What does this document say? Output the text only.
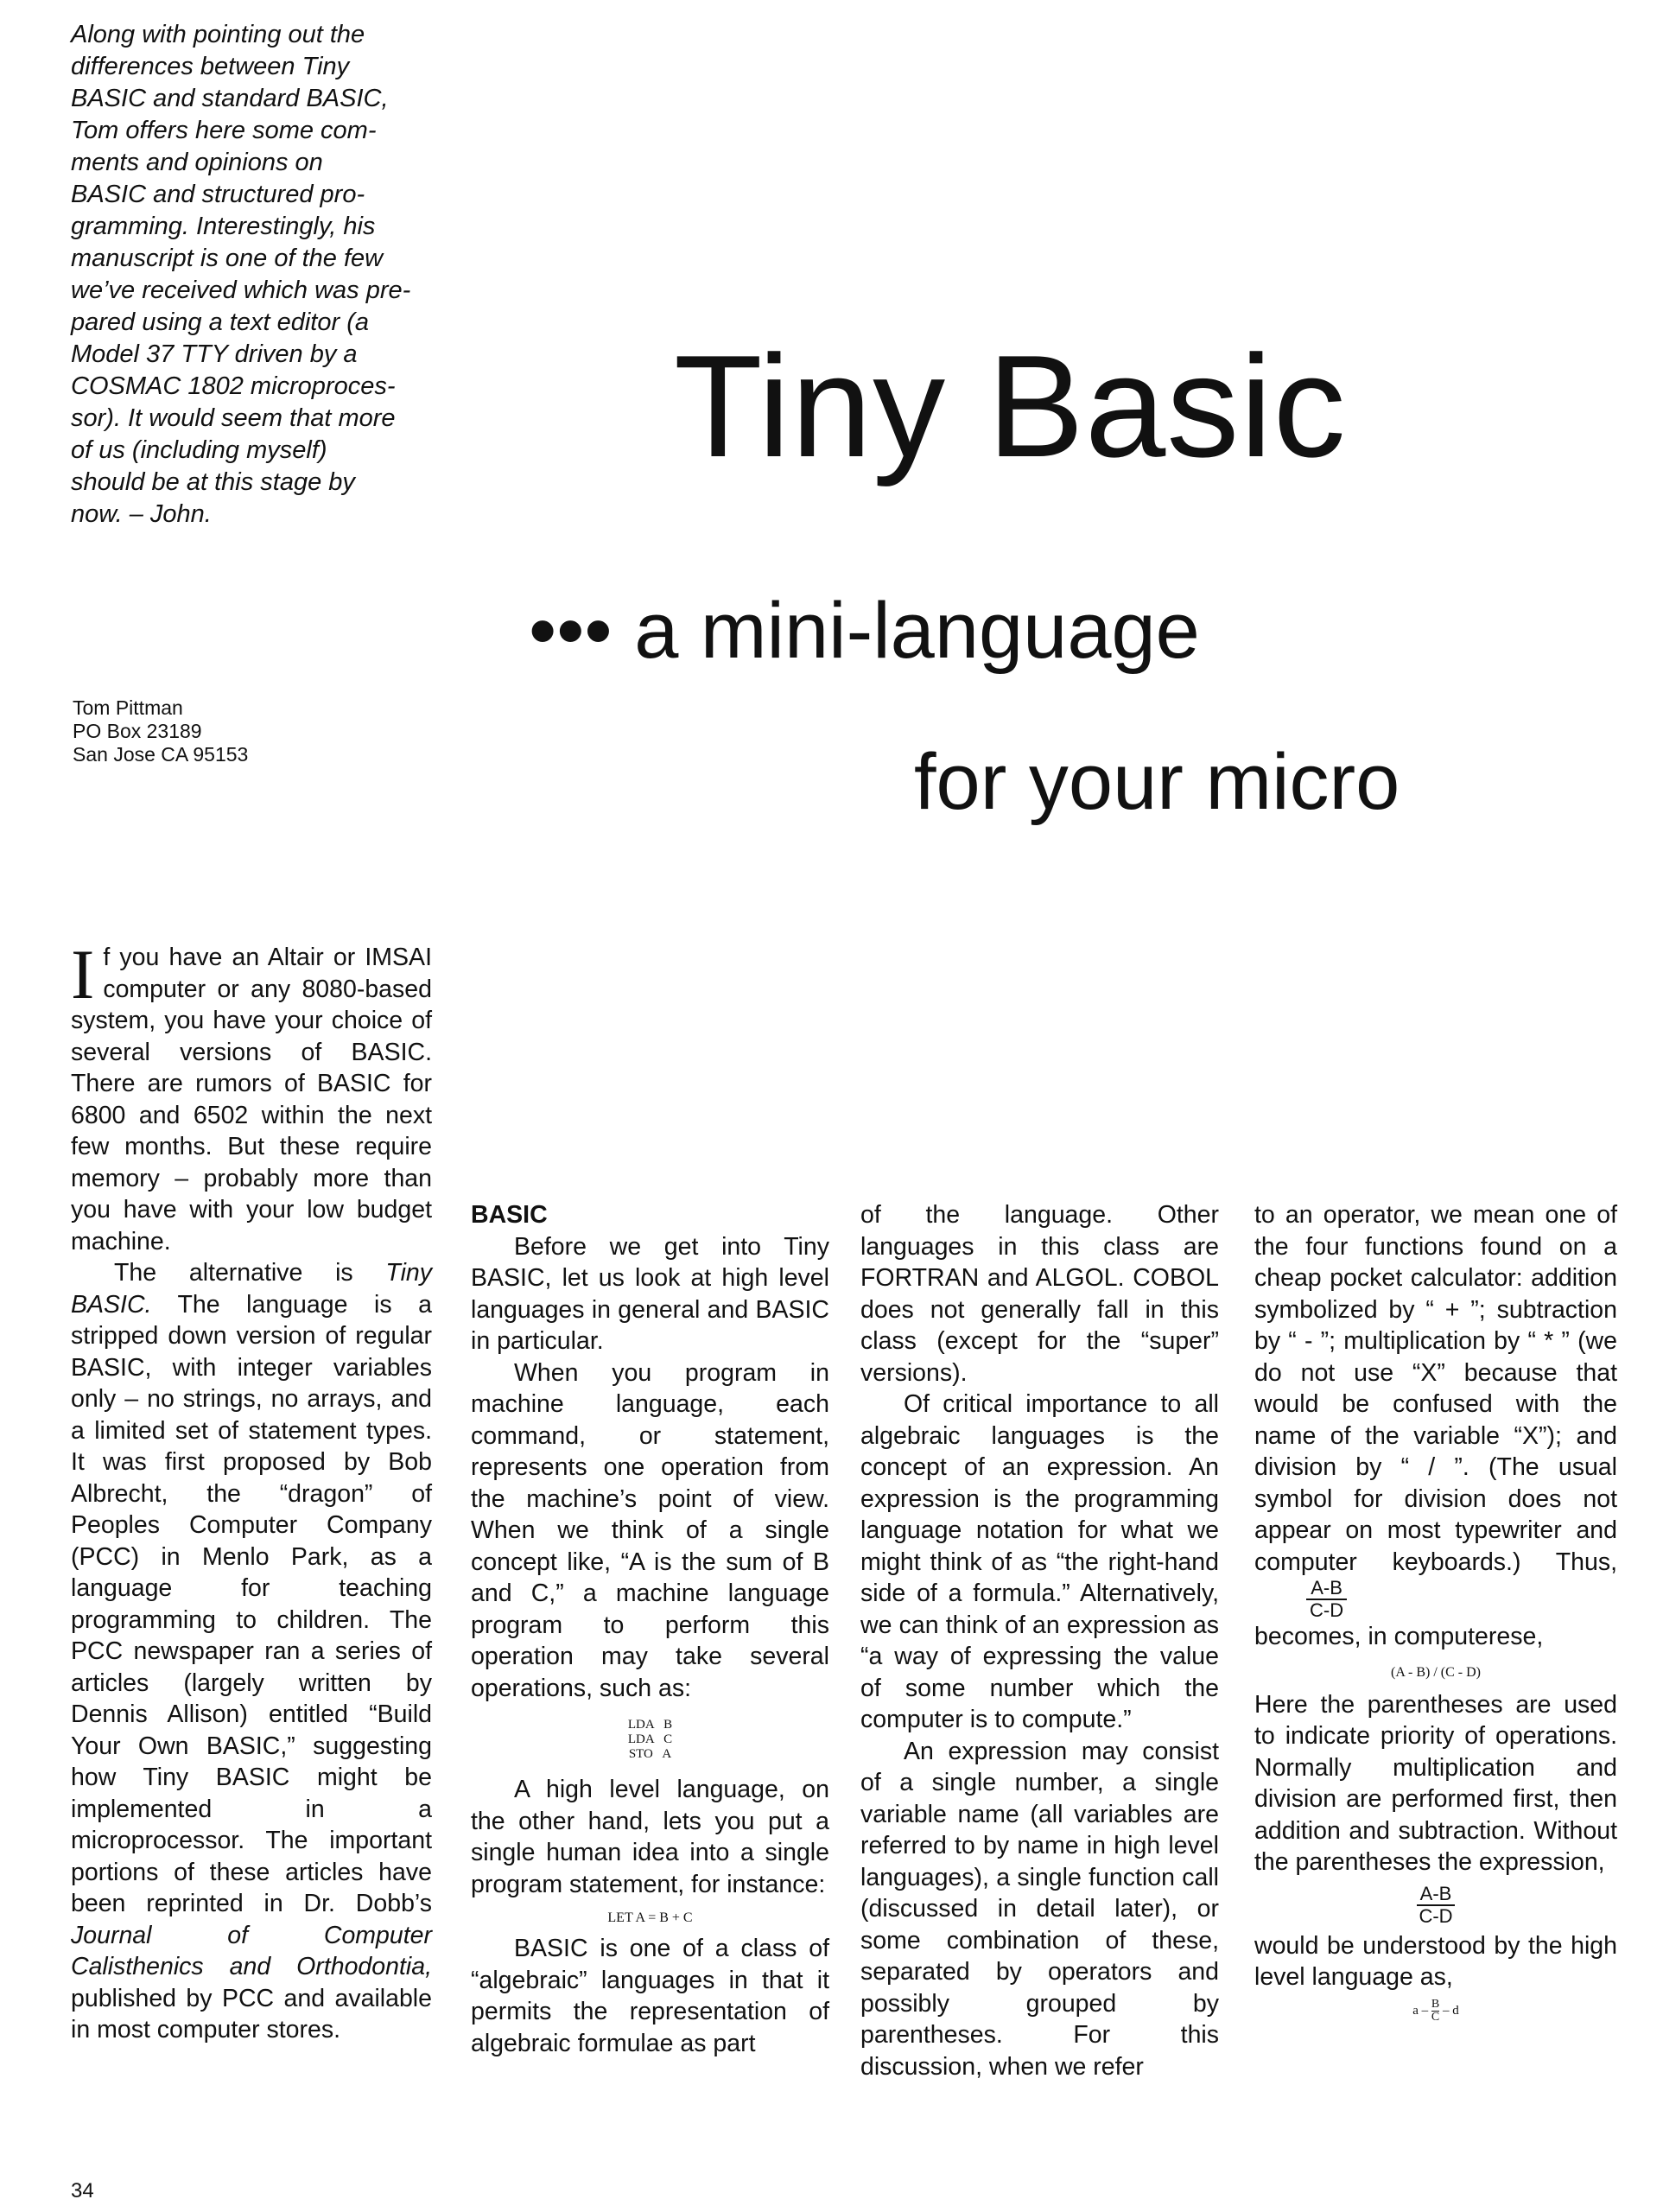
Along with pointing out the
differences between Tiny
BASIC and standard BASIC,
Tom offers here some com-
ments and opinions on
BASIC and structured pro-
gramming. Interestingly, his
manuscript is one of the few
we’ve received which was pre-
pared using a text editor (a
Model 37 TTY driven by a
COSMAC 1802 microproces-
sor). It would seem that more
of us (including myself)
should be at this stage by
now. – John.
Tiny Basic
••• a mini-language
for your micro
Tom Pittman
PO Box 23189
San Jose CA 95153

If you have an Altair or IMSAI computer or any 8080-based system, you have your choice of several versions of BASIC. There are rumors of BASIC for 6800 and 6502 within the next few months. But these require memory – probably more than you have with your low budget machine.

The alternative is Tiny BASIC. The language is a stripped down version of regular BASIC, with integer variables only – no strings, no arrays, and a limited set of statement types. It was first proposed by Bob Albrecht, the “dragon” of Peoples Computer Company (PCC) in Menlo Park, as a language for teaching programming to children. The PCC newspaper ran a series of articles (largely written by Dennis Allison) entitled “Build Your Own BASIC,” suggesting how Tiny BASIC might be implemented in a microprocessor. The important portions of these articles have been reprinted in Dr. Dobb’s Journal of Computer Calisthenics and Orthodontia, published by PCC and available in most computer stores.

BASIC

Before we get into Tiny BASIC, let us look at high level languages in general and BASIC in particular.

When you program in machine language, each command, or statement, represents one operation from the machine’s point of view. When we think of a single concept like, “A is the sum of B and C,” a machine language program to perform this operation may take several operations, such as:

LDA   B
LDA   C
STO   A

A high level language, on the other hand, lets you put a single human idea into a single program statement, for instance:

LET A = B + C

BASIC is one of a class of “algebraic” languages in that it permits the representation of algebraic formulae as part

of the language. Other languages in this class are FORTRAN and ALGOL. COBOL does not generally fall in this class (except for the “super” versions).

Of critical importance to all algebraic languages is the concept of an expression. An expression is the programming language notation for what we might think of as “the right-hand side of a formula.” Alternatively, we can think of an expression as “a way of expressing the value of some number which the computer is to compute.”

An expression may consist of a single number, a single variable name (all variables are referred to by name in high level languages), a single function call (discussed in detail later), or some combination of these, separated by operators and possibly grouped by parentheses. For this discussion, when we refer

to an operator, we mean one of the four functions found on a cheap pocket calculator: addition symbolized by “ + ”; subtraction by “ - ”; multiplication by “ * ” (we do not use “X” because that would be confused with the name of the variable “X”); and division by “ / ”. (The usual symbol for division does not appear on most typewriter and computer keyboards.) Thus,
$\frac{A-B}{C-D}$

becomes, in computerese,

(A - B) / (C - D)

Here the parentheses are used to indicate priority of operations. Normally multiplication and division are performed first, then addition and subtraction. Without the parentheses the expression,

A-B
C-D

would be understood by the high level language as,

a – $\frac{B}{C}$ – d
34
